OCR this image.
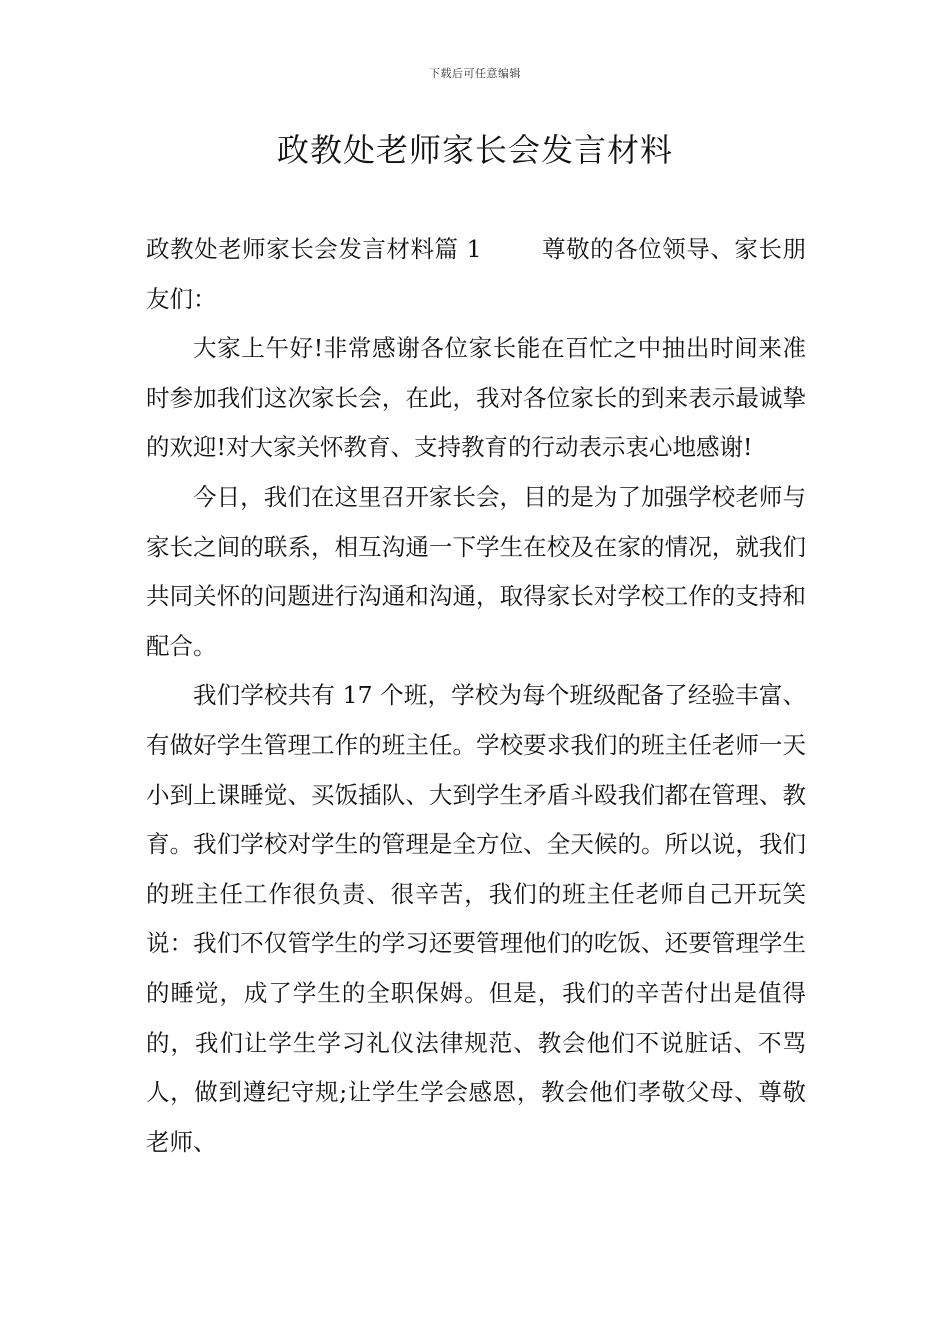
下载后可任意编辑
政教处老师家长会发言材料

政教处老师家长会发言材料篇 1	尊敬的各位领导、家长朋友们：

大家上午好!非常感谢各位家长能在百忙之中抽出时间来准时参加我们这次家长会，在此，我对各位家长的到来表示最诚挚的欢迎!对大家关怀教育、支持教育的行动表示衷心地感谢!

今日，我们在这里召开家长会，目的是为了加强学校老师与家长之间的联系，相互沟通一下学生在校及在家的情况，就我们共同关怀的问题进行沟通和沟通，取得家长对学校工作的支持和配合。

我们学校共有 17 个班，学校为每个班级配备了经验丰富、有做好学生管理工作的班主任。学校要求我们的班主任老师一天小到上课睡觉、买饭插队、大到学生矛盾斗殴我们都在管理、教育。我们学校对学生的管理是全方位、全天候的。所以说，我们的班主任工作很负责、很辛苦，我们的班主任老师自己开玩笑说：我们不仅管学生的学习还要管理他们的吃饭、还要管理学生的睡觉，成了学生的全职保姆。但是，我们的辛苦付出是值得的，我们让学生学习礼仪法律规范、教会他们不说脏话、不骂人，做到遵纪守规;让学生学会感恩，教会他们孝敬父母、尊敬老师、
